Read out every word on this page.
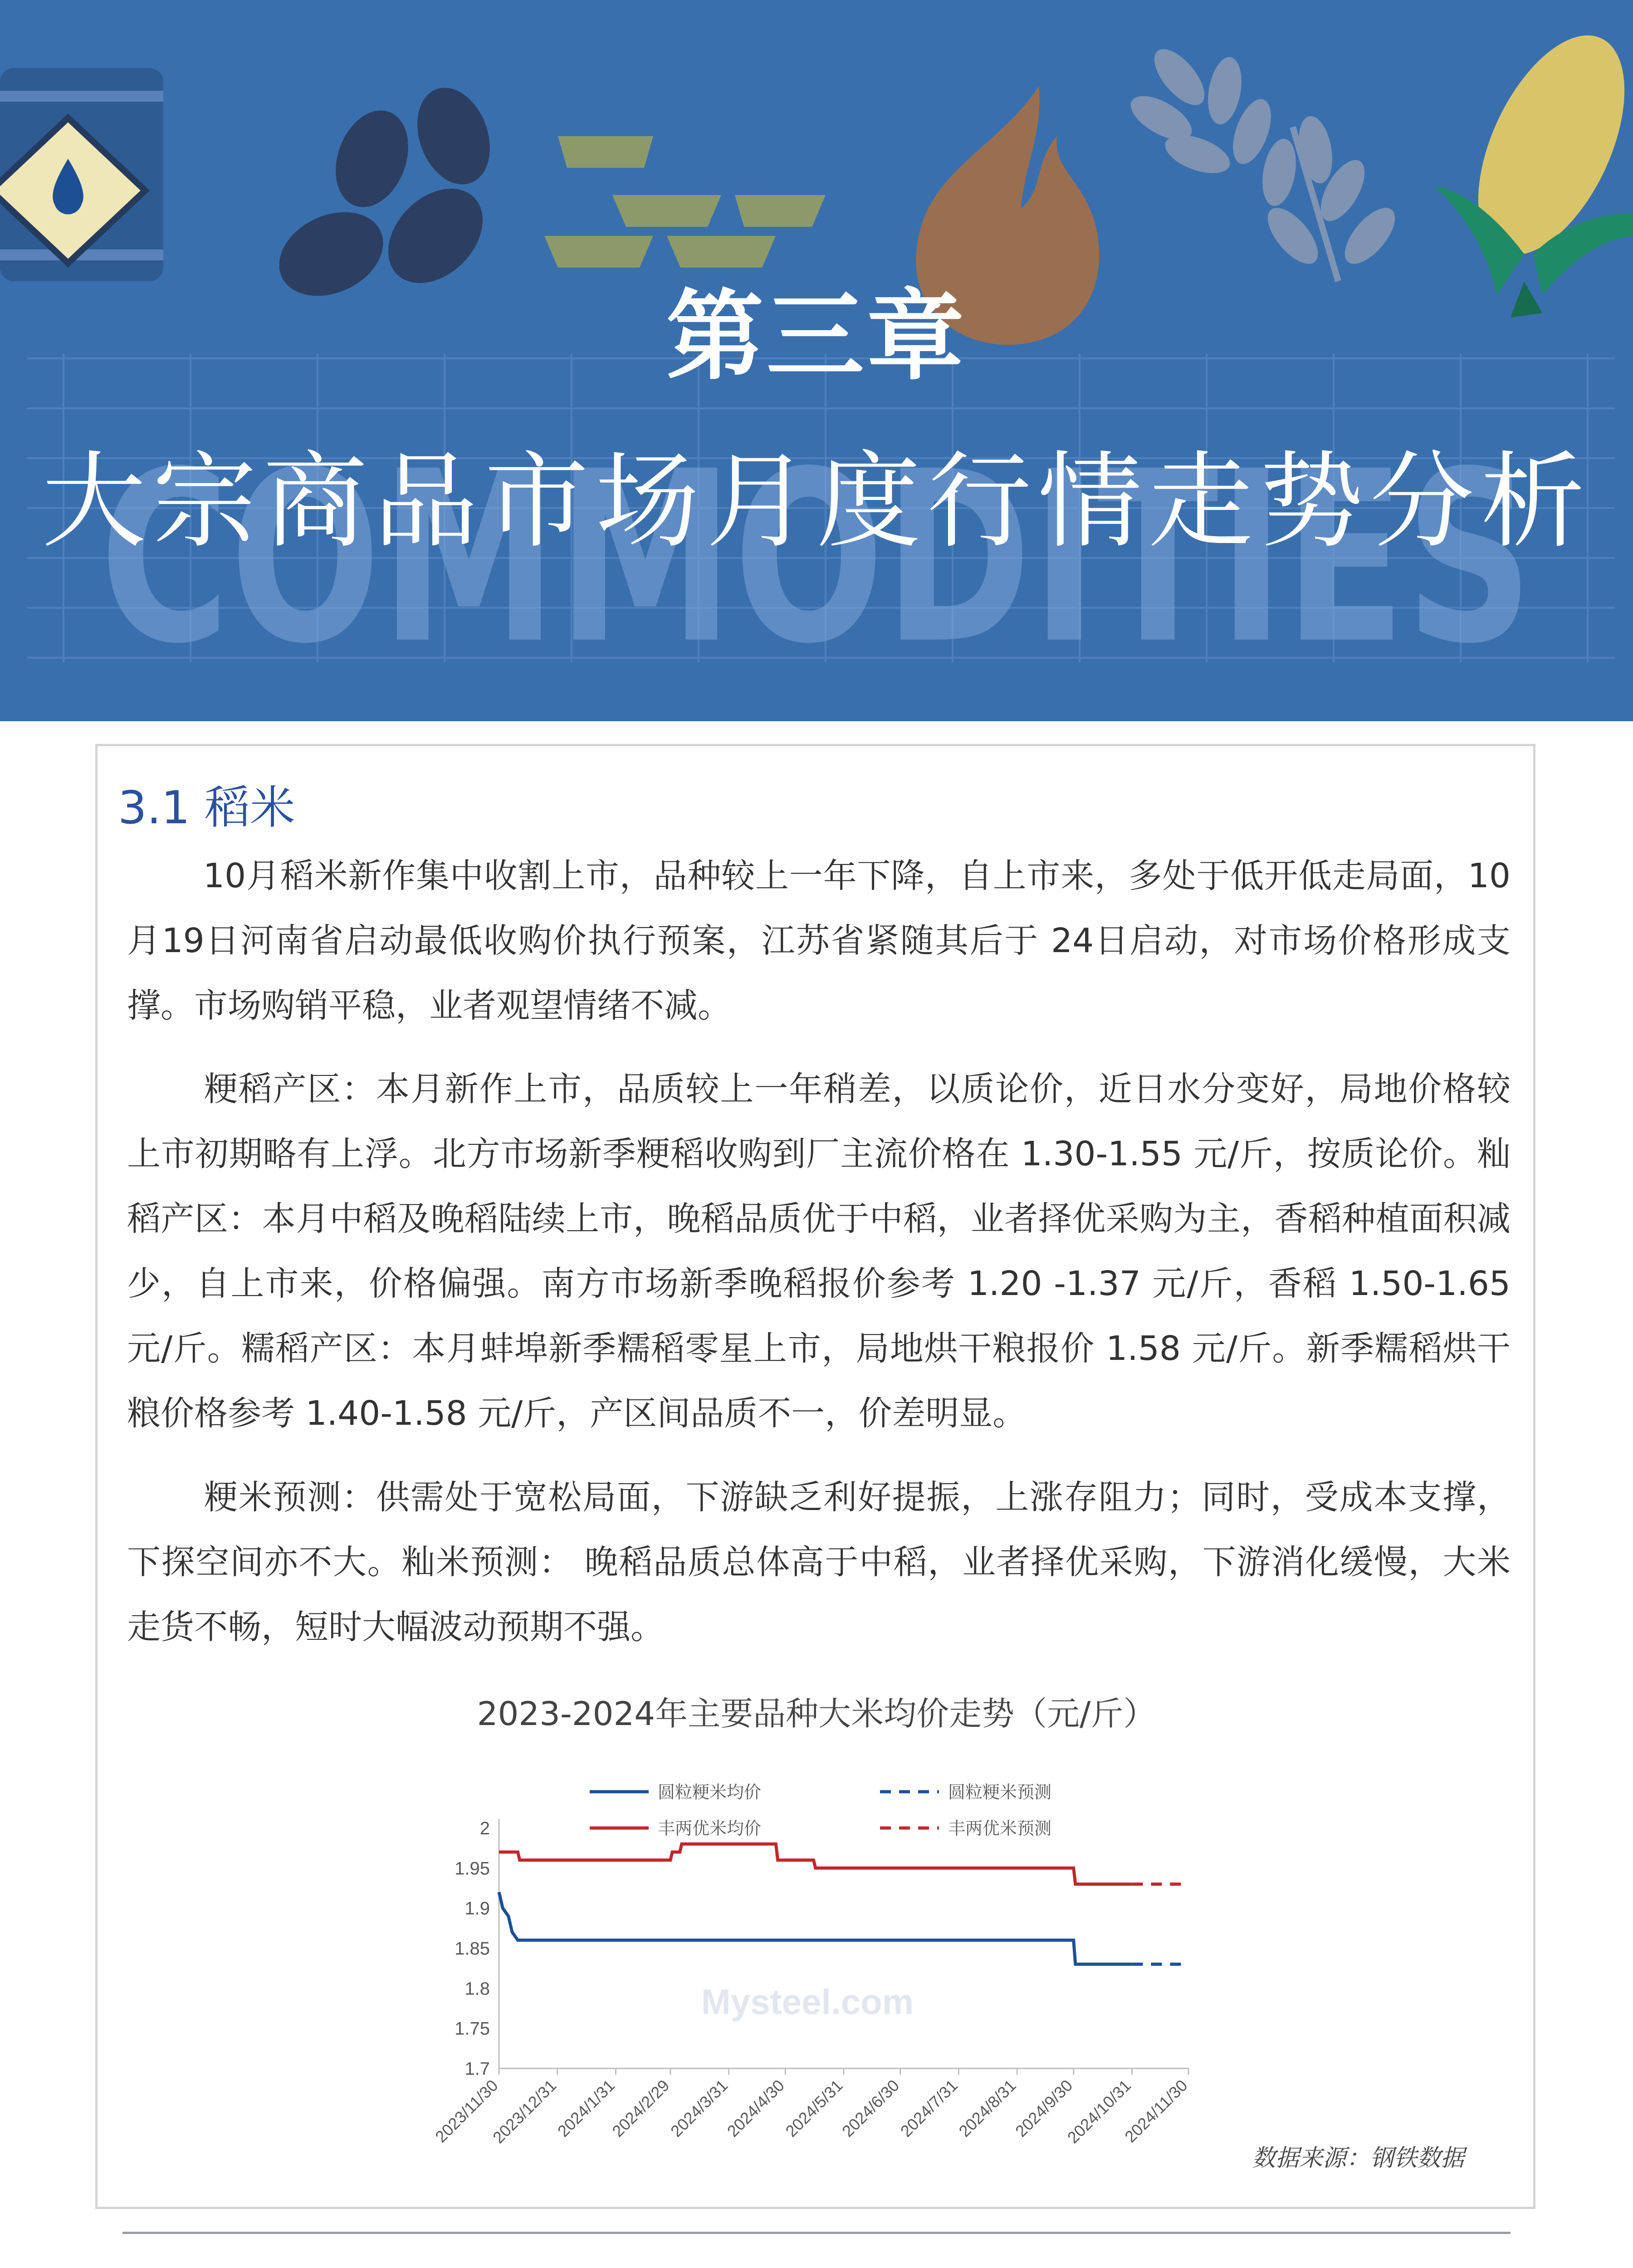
COMMODITIES
第三章
大宗商品市场月度行情走势分析
3.1 稻米
10月稻米新作集中收割上市，品种较上一年下降，自上市来，多处于低开低走局面，10月19日河南省启动最低收购价执行预案，江苏省紧随其后于 24日启动，对市场价格形成支撑。市场购销平稳，业者观望情绪不减。
粳稻产区：本月新作上市，品质较上一年稍差，以质论价，近日水分变好，局地价格较上市初期略有上浮。北方市场新季粳稻收购到厂主流价格在 1.30-1.55 元/斤，按质论价。籼稻产区：本月中稻及晚稻陆续上市，晚稻品质优于中稻，业者择优采购为主，香稻种植面积减少，自上市来，价格偏强。南方市场新季晚稻报价参考 1.20 -1.37 元/斤，香稻 1.50-1.65 元/斤。糯稻产区：本月蚌埠新季糯稻零星上市，局地烘干粮报价 1.58 元/斤。新季糯稻烘干粮价格参考 1.40-1.58 元/斤，产区间品质不一，价差明显。
粳米预测：供需处于宽松局面，下游缺乏利好提振，上涨存阻力；同时，受成本支撑，下探空间亦不大。籼米预测： 晚稻品质总体高于中稻，业者择优采购，下游消化缓慢，大米走货不畅，短时大幅波动预期不强。
2023-2024年主要品种大米均价走势（元/斤）
Mysteel.com
2
1.95
1.9
1.85
1.8
1.75
1.7
2023/11/30
2023/12/31
2024/1/31
2024/2/29
2024/3/31
2024/4/30
2024/5/31
2024/6/30
2024/7/31
2024/8/31
2024/9/30
2024/10/31
2024/11/30
圆粒粳米均价	圆粒粳米预测
丰两优米均价	丰两优米预测
数据来源：钢铁数据
